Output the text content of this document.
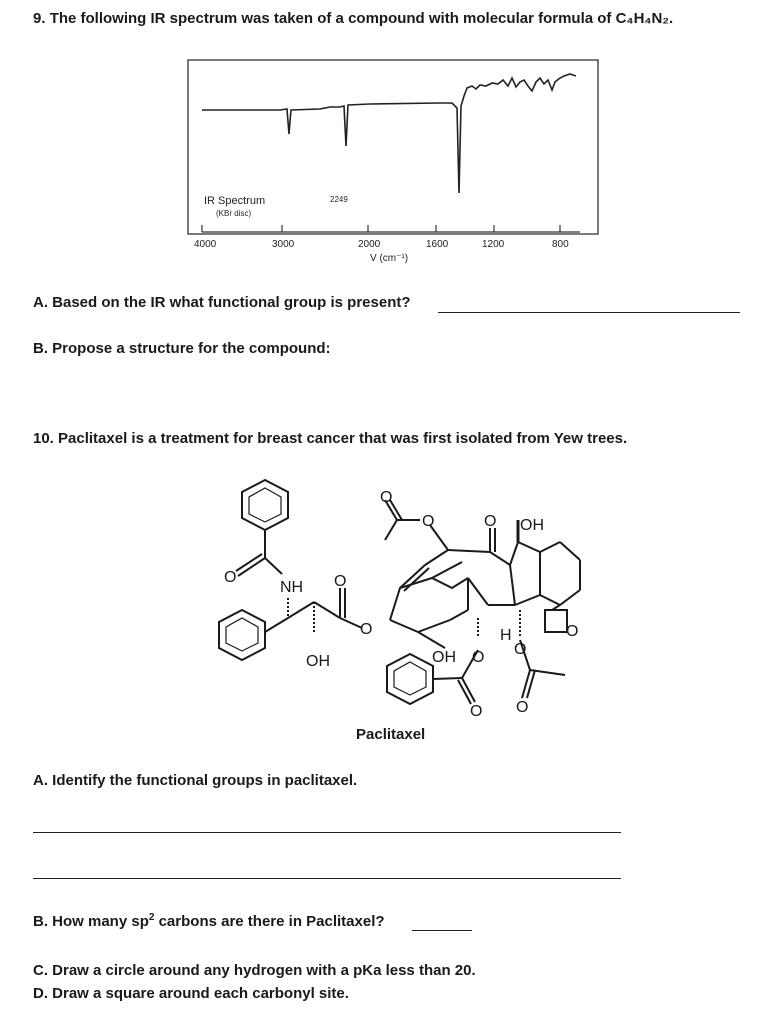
9. The following IR spectrum was taken of a compound with molecular formula of C₄H₄N₂.
IR Spectrum
(KBr disc)
2249
4000	3000	2000	1600	1200	800
V (cm⁻¹)
A. Based on the IR what functional group is present?
B. Propose a structure for the compound:
10. Paclitaxel is a treatment for breast cancer that was first isolated from Yew trees.
O
NH O
OH
O
O
O	O OH
H	O
OH O O
O O
Paclitaxel
A. Identify the functional groups in paclitaxel.
B. How many $sp^2$ carbons are there in Paclitaxel?
C. Draw a circle around any hydrogen with a pKa less than 20.
D. Draw a square around each carbonyl site.
